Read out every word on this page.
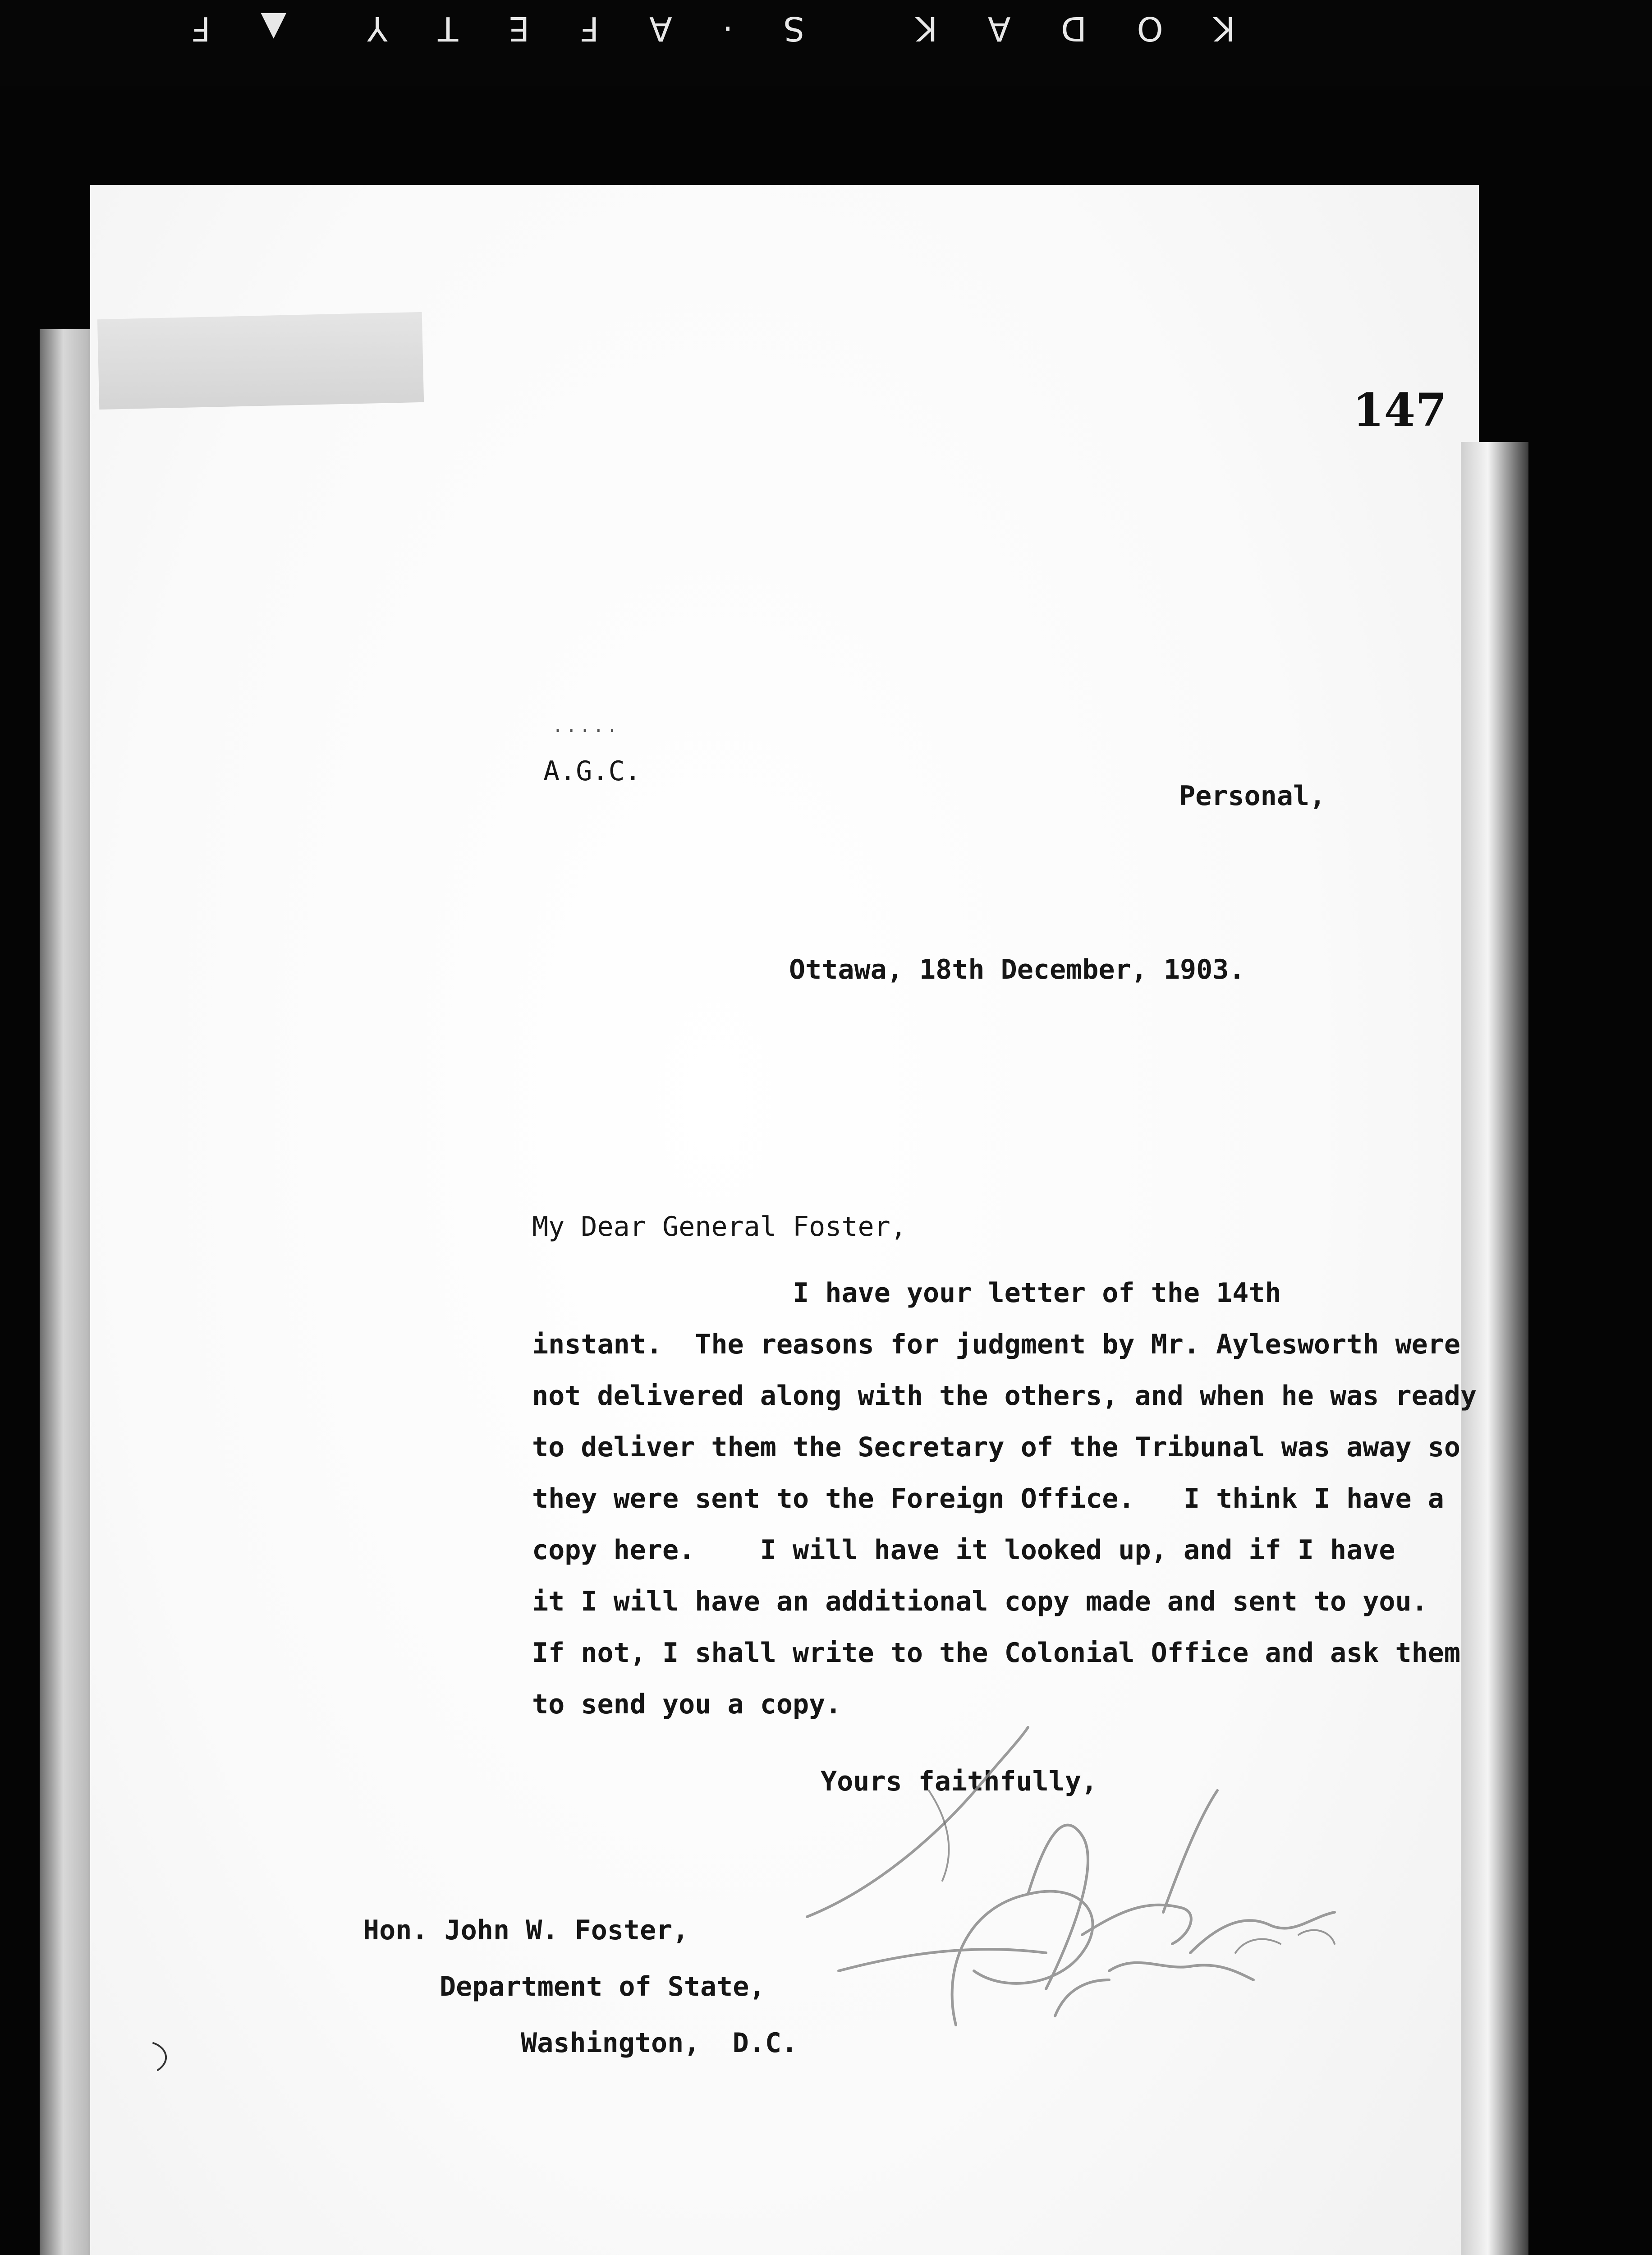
K O D A K   S · A F E T Y  ▲ F
147
.....
A.G.C.
Personal,
Ottawa, 18th December, 1903.
My Dear General Foster,
I have your letter of the 14th
instant.  The reasons for judgment by Mr. Aylesworth were
not delivered along with the others, and when he was ready
to deliver them the Secretary of the Tribunal was away so
they were sent to the Foreign Office.   I think I have a
copy here.    I will have it looked up, and if I have
it I will have an additional copy made and sent to you.
If not, I shall write to the Colonial Office and ask them
to send you a copy.
Yours faithfully,
Hon. John W. Foster,
Department of State,
Washington,  D.C.
